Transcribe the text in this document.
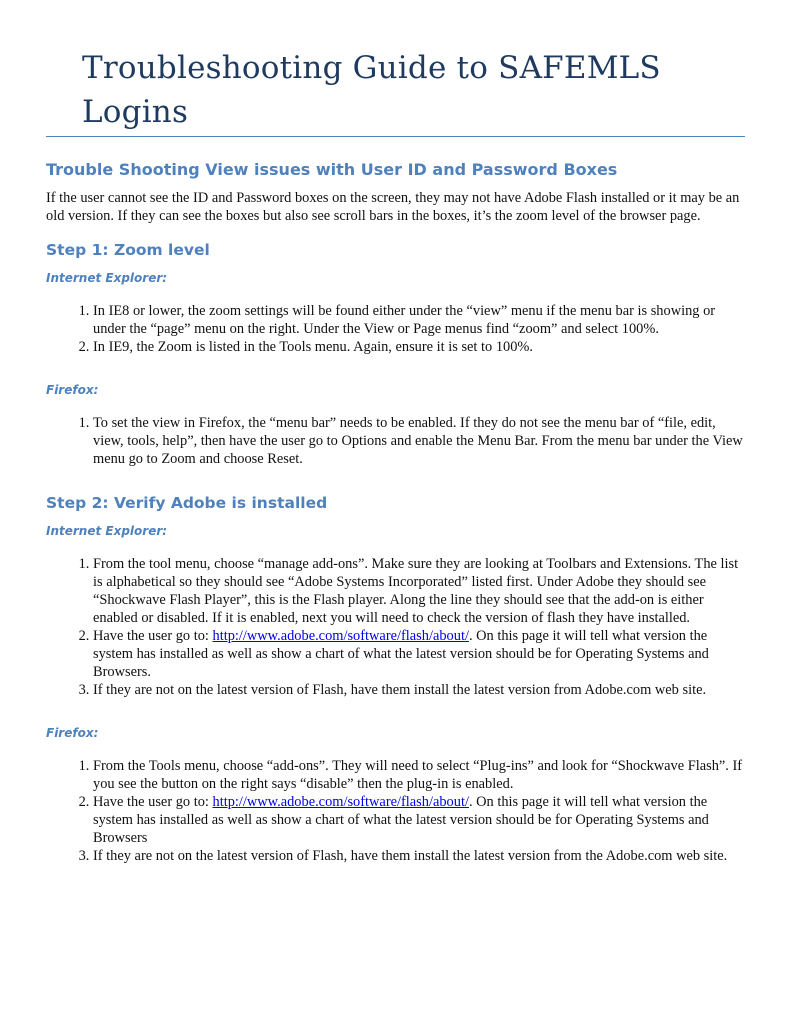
Troubleshooting Guide to SAFEMLS Logins
Trouble Shooting View issues with User ID and Password Boxes

If the user cannot see the ID and Password boxes on the screen, they may not have Adobe Flash installed or it may be an old version. If they can see the boxes but also see scroll bars in the boxes, it’s the zoom level of the browser page.

Step 1: Zoom level
Internet Explorer:
1. In IE8 or lower, the zoom settings will be found either under the “view” menu if the menu bar is showing or under the “page” menu on the right. Under the View or Page menus find “zoom” and select 100%.
2. In IE9, the Zoom is listed in the Tools menu. Again, ensure it is set to 100%.
Firefox:
1. To set the view in Firefox, the “menu bar” needs to be enabled. If they do not see the menu bar of “file, edit, view, tools, help”, then have the user go to Options and enable the Menu Bar. From the menu bar under the View menu go to Zoom and choose Reset.
Step 2: Verify Adobe is installed
Internet Explorer:
1. From the tool menu, choose “manage add-ons”. Make sure they are looking at Toolbars and Extensions. The list is alphabetical so they should see “Adobe Systems Incorporated” listed first. Under Adobe they should see “Shockwave Flash Player”, this is the Flash player. Along the line they should see that the add-on is either enabled or disabled. If it is enabled, next you will need to check the version of flash they have installed.
2. Have the user go to: http://www.adobe.com/software/flash/about/. On this page it will tell what version the system has installed as well as show a chart of what the latest version should be for Operating Systems and Browsers.
3. If they are not on the latest version of Flash, have them install the latest version from Adobe.com web site.
Firefox:
1. From the Tools menu, choose “add-ons”. They will need to select “Plug-ins” and look for “Shockwave Flash”. If you see the button on the right says “disable” then the plug-in is enabled.
2. Have the user go to: http://www.adobe.com/software/flash/about/. On this page it will tell what version the system has installed as well as show a chart of what the latest version should be for Operating Systems and Browsers
3. If they are not on the latest version of Flash, have them install the latest version from the Adobe.com web site.
